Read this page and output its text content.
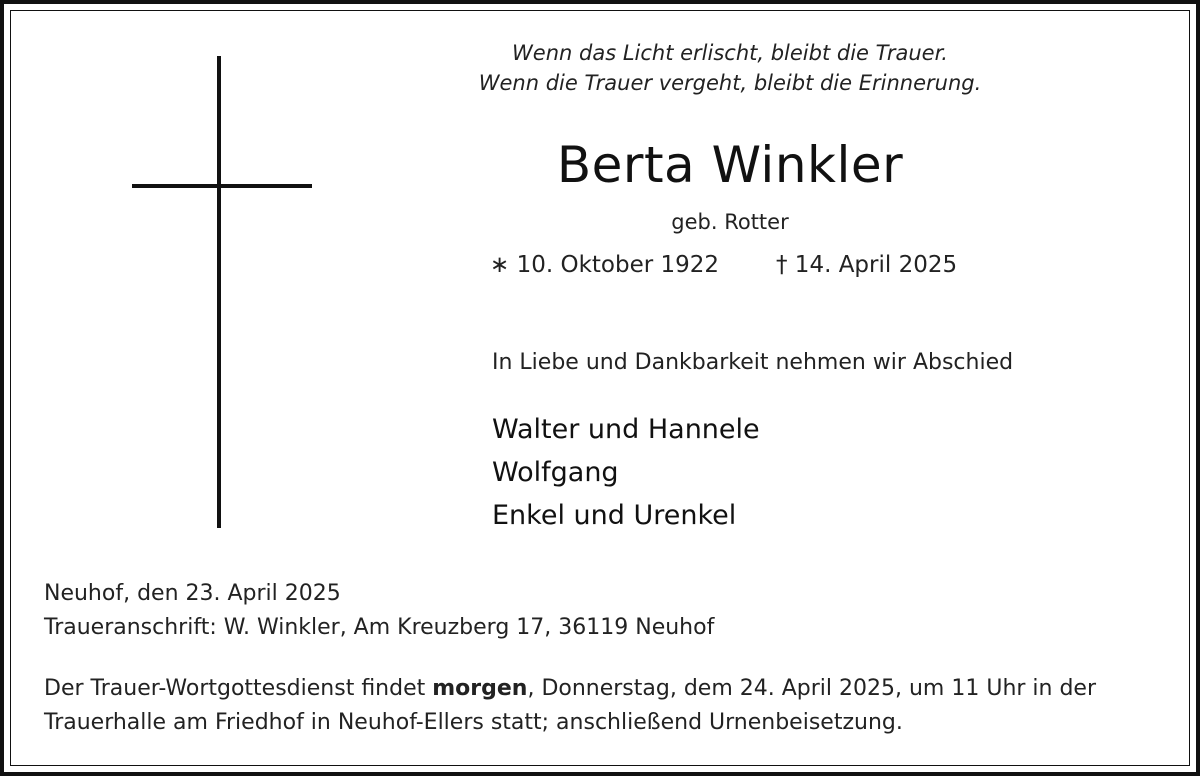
Wenn das Licht erlischt, bleibt die Trauer.
Wenn die Trauer vergeht, bleibt die Erinnerung.
Berta Winkler
geb. Rotter
∗ 10. Oktober 1922 † 14. April 2025
In Liebe und Dankbarkeit nehmen wir Abschied
Walter und Hannele
Wolfgang
Enkel und Urenkel
Neuhof, den 23. April 2025
Traueranschrift: W. Winkler, Am Kreuzberg 17, 36119 Neuhof
Der Trauer-Wortgottesdienst findet morgen, Donnerstag, dem 24. April 2025, um 11 Uhr in der Trauerhalle am Friedhof in Neuhof-Ellers statt; anschließend Urnenbeisetzung.
